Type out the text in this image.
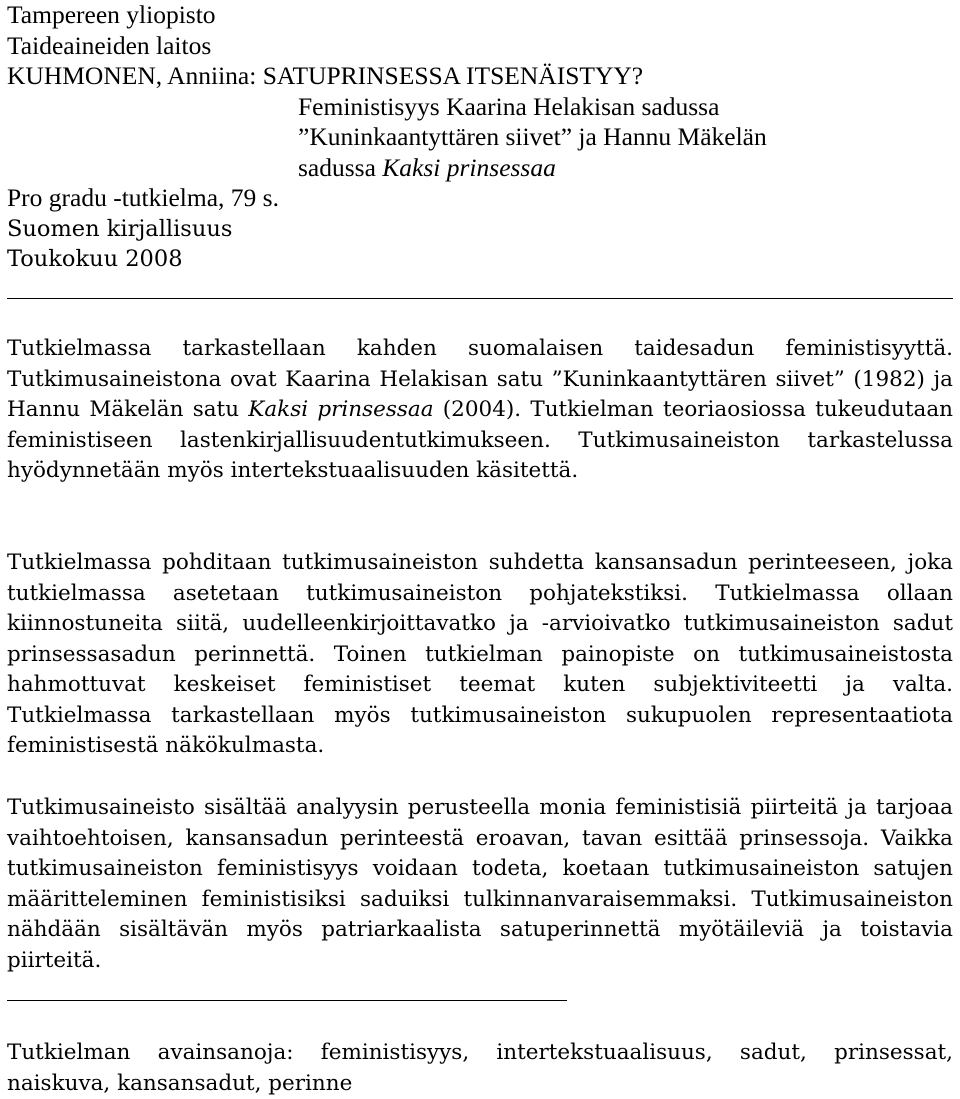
Tampereen yliopisto
Taideaineiden laitos
KUHMONEN, Anniina: SATUPRINSESSA ITSENÄISTYY?
Feministisyys Kaarina Helakisan sadussa
”Kuninkaantyttären siivet” ja Hannu Mäkelän
sadussa Kaksi prinsessaa
Pro gradu -tutkielma, 79 s.
Suomen kirjallisuus
Toukokuu 2008

Tutkielmassa tarkastellaan kahden suomalaisen taidesadun feministisyyttä. Tutkimusaineistona ovat Kaarina Helakisan satu ”Kuninkaantyttären siivet” (1982) ja Hannu Mäkelän satu Kaksi prinsessaa (2004). Tutkielman teoriaosiossa tukeudutaan feministiseen lastenkirjallisuudentutkimukseen. Tutkimusaineiston tarkastelussa hyödynnetään myös intertekstuaalisuuden käsitettä.

Tutkielmassa pohditaan tutkimusaineiston suhdetta kansansadun perinteeseen, joka tutkielmassa asetetaan tutkimusaineiston pohjatekstiksi. Tutkielmassa ollaan kiinnostuneita siitä, uudelleenkirjoittavatko ja -arvioivatko tutkimusaineiston sadut prinsessasadun perinnettä. Toinen tutkielman painopiste on tutkimusaineistosta hahmottuvat keskeiset feministiset teemat kuten subjektiviteetti ja valta. Tutkielmassa tarkastellaan myös tutkimusaineiston sukupuolen representaatiota feministisestä näkökulmasta.

Tutkimusaineisto sisältää analyysin perusteella monia feministisiä piirteitä ja tarjoaa vaihtoehtoisen, kansansadun perinteestä eroavan, tavan esittää prinsessoja. Vaikka tutkimusaineiston feministisyys voidaan todeta, koetaan tutkimusaineiston satujen määritteleminen feministisiksi saduiksi tulkinnanvaraisemmaksi. Tutkimusaineiston nähdään sisältävän myös patriarkaalista satuperinnettä myötäileviä ja toistavia piirteitä.

Tutkielman avainsanoja: feministisyys, intertekstuaalisuus, sadut, prinsessat, naiskuva, kansansadut, perinne
